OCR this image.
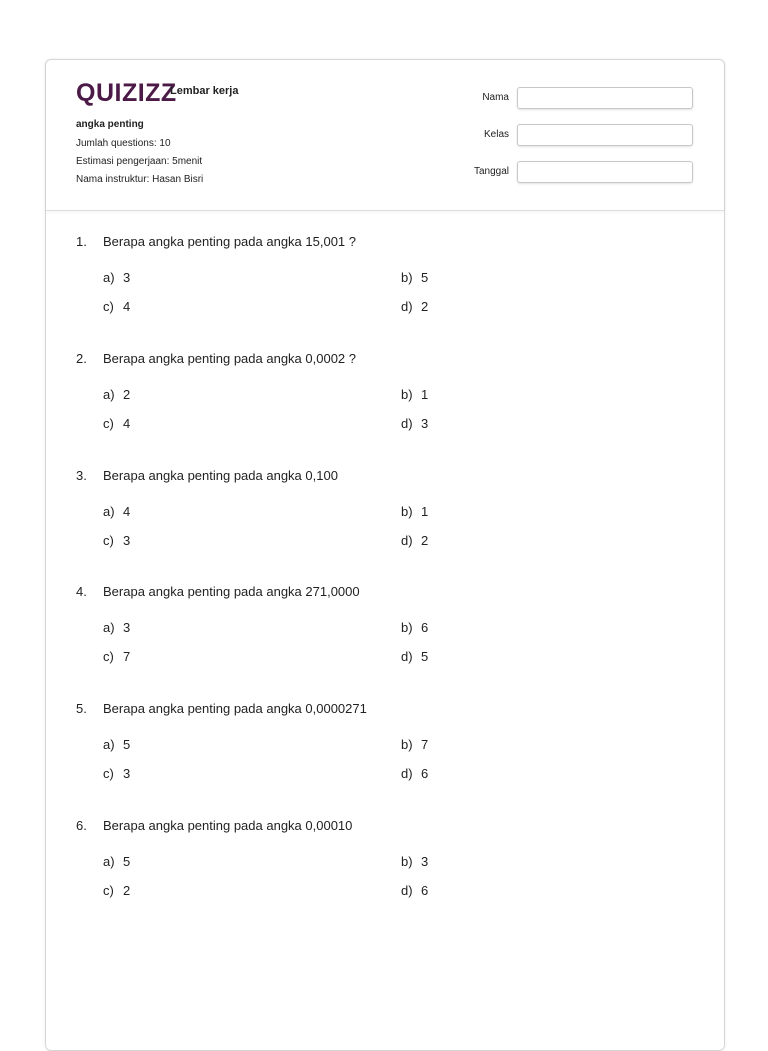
QUIZIZZ
Lembar kerja
angka penting
Jumlah questions: 10
Estimasi pengerjaan: 5menit
Nama instruktur: Hasan Bisri
Nama
Kelas
Tanggal
1. Berapa angka penting pada angka 15,001 ?
a) 3	b) 5
c) 4	d) 2
2. Berapa angka penting pada angka 0,0002 ?
a) 2	b) 1
c) 4	d) 3
3. Berapa angka penting pada angka 0,100
a) 4	b) 1
c) 3	d) 2
4. Berapa angka penting pada angka 271,0000
a) 3	b) 6
c) 7	d) 5
5. Berapa angka penting pada angka 0,0000271
a) 5	b) 7
c) 3	d) 6
6. Berapa angka penting pada angka 0,00010
a) 5	b) 3
c) 2	d) 6
